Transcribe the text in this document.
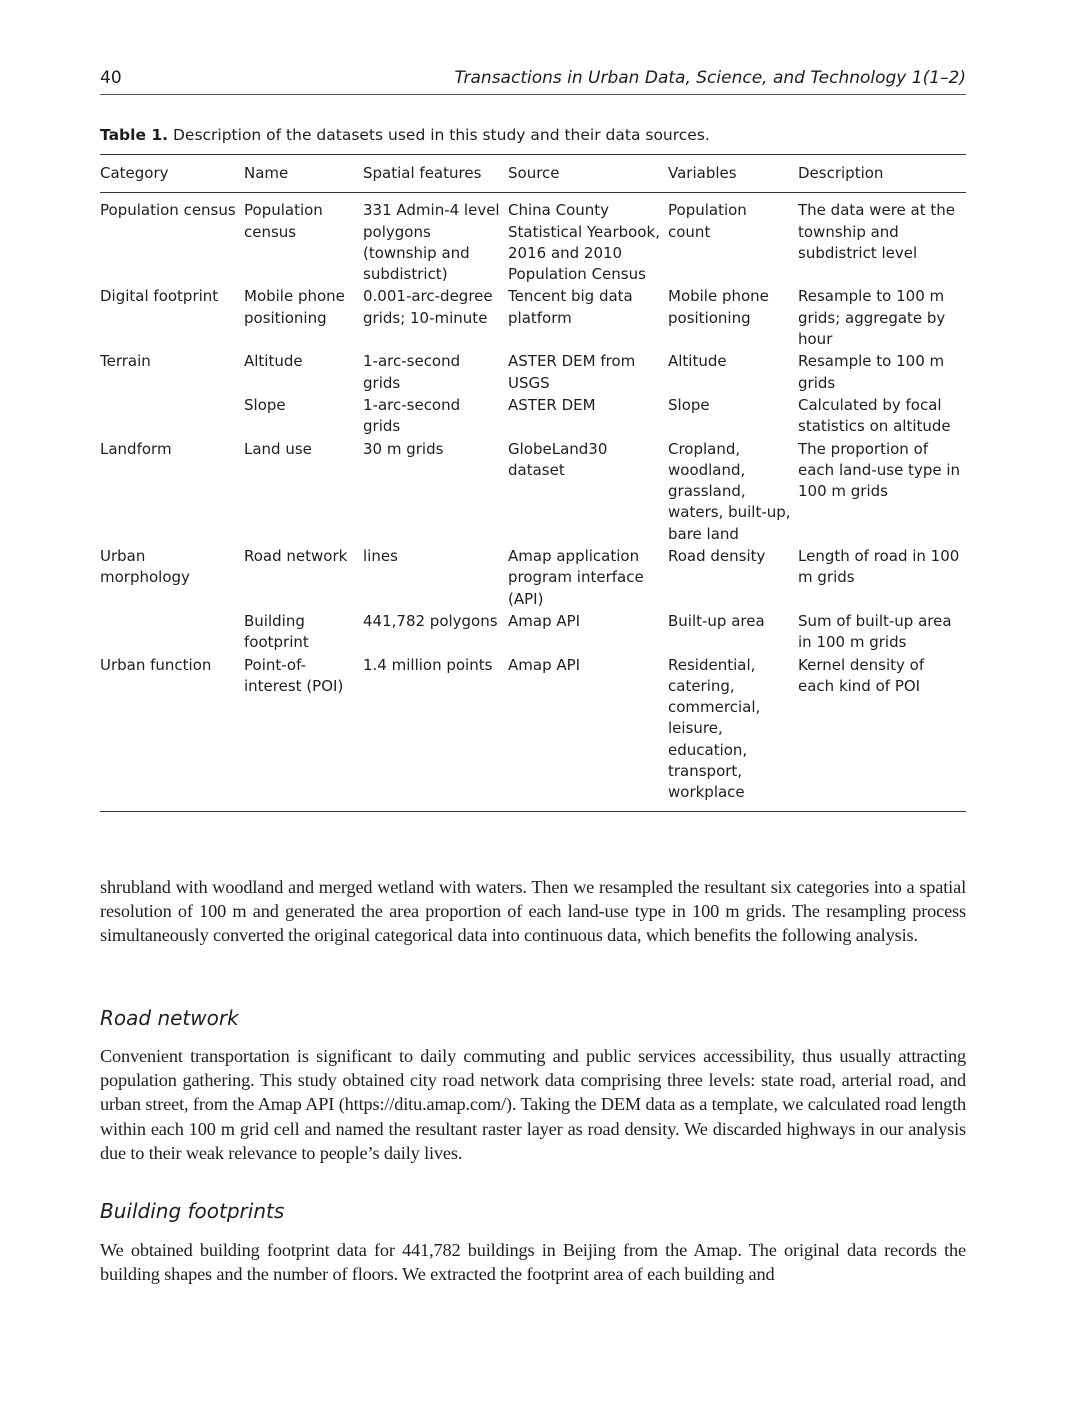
40	Transactions in Urban Data, Science, and Technology 1(1–2)
Table 1. Description of the datasets used in this study and their data sources.
Category	Name	Spatial features	Source	Variables	Description
Population census	Population census	331 Admin-4 level polygons (township and subdistrict)	China County Statistical Yearbook, 2016 and 2010 Population Census	Population count	The data were at the township and subdistrict level
Digital footprint	Mobile phone positioning	0.001-arc-degree grids; 10-minute	Tencent big data platform	Mobile phone positioning	Resample to 100 m grids; aggregate by hour
Terrain	Altitude	1-arc-second grids	ASTER DEM from USGS	Altitude	Resample to 100 m grids
	Slope	1-arc-second grids	ASTER DEM	Slope	Calculated by focal statistics on altitude
Landform	Land use	30 m grids	GlobeLand30 dataset	Cropland, woodland, grassland, waters, built-up, bare land	The proportion of each land-use type in 100 m grids
Urban morphology	Road network	lines	Amap application program interface (API)	Road density	Length of road in 100 m grids
	Building footprint	441,782 polygons	Amap API	Built-up area	Sum of built-up area in 100 m grids
Urban function	Point-of-interest (POI)	1.4 million points	Amap API	Residential, catering, commercial, leisure, education, transport, workplace	Kernel density of each kind of POI

shrubland with woodland and merged wetland with waters. Then we resampled the resultant six categories into a spatial resolution of 100 m and generated the area proportion of each land-use type in 100 m grids. The resampling process simultaneously converted the original categorical data into continuous data, which benefits the following analysis.

Road network

Convenient transportation is significant to daily commuting and public services accessibility, thus usually attracting population gathering. This study obtained city road network data comprising three levels: state road, arterial road, and urban street, from the Amap API (https://ditu.amap.com/). Taking the DEM data as a template, we calculated road length within each 100 m grid cell and named the resultant raster layer as road density. We discarded highways in our analysis due to their weak relevance to people’s daily lives.

Building footprints

We obtained building footprint data for 441,782 buildings in Beijing from the Amap. The original data records the building shapes and the number of floors. We extracted the footprint area of each building and
